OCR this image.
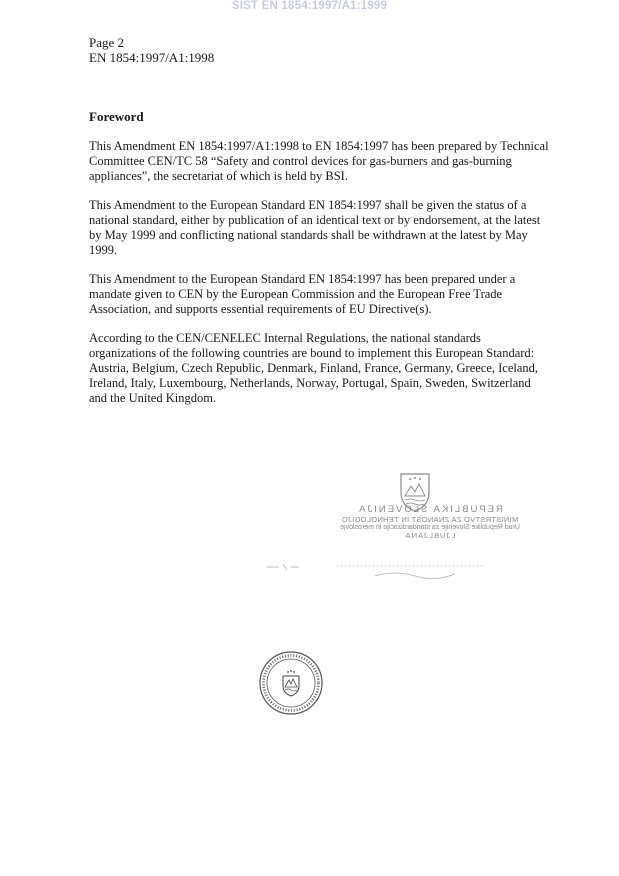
SIST EN 1854:1997/A1:1999
Page 2
EN 1854:1997/A1:1998
Foreword

This Amendment EN 1854:1997/A1:1998 to EN 1854:1997 has been prepared by Technical Committee CEN/TC 58 “Safety and control devices for gas-burners and gas-burning appliances”, the secretariat of which is held by BSI.

This Amendment to the European Standard EN 1854:1997 shall be given the status of a national standard, either by publication of an identical text or by endorsement, at the latest by May 1999 and conflicting national standards shall be withdrawn at the latest by May 1999.

This Amendment to the European Standard EN 1854:1997 has been prepared under a mandate given to CEN by the European Commission and the European Free Trade Association, and supports essential requirements of EU Directive(s).

According to the CEN/CENELEC Internal Regulations, the national standards organizations of the following countries are bound to implement this European Standard: Austria, Belgium, Czech Republic, Denmark, Finland, France, Germany, Greece, Iceland, Ireland, Italy, Luxembourg, Netherlands, Norway, Portugal, Spain, Sweden, Switzerland and the United Kingdom.

REPUBLIKA SLOVENIJA
MINISTRSTVO ZA ZNANOST IN TEHNOLOGIJO
Urad Republike Slovenije za standardizacijo in meroslovje
LJUBLJANA
